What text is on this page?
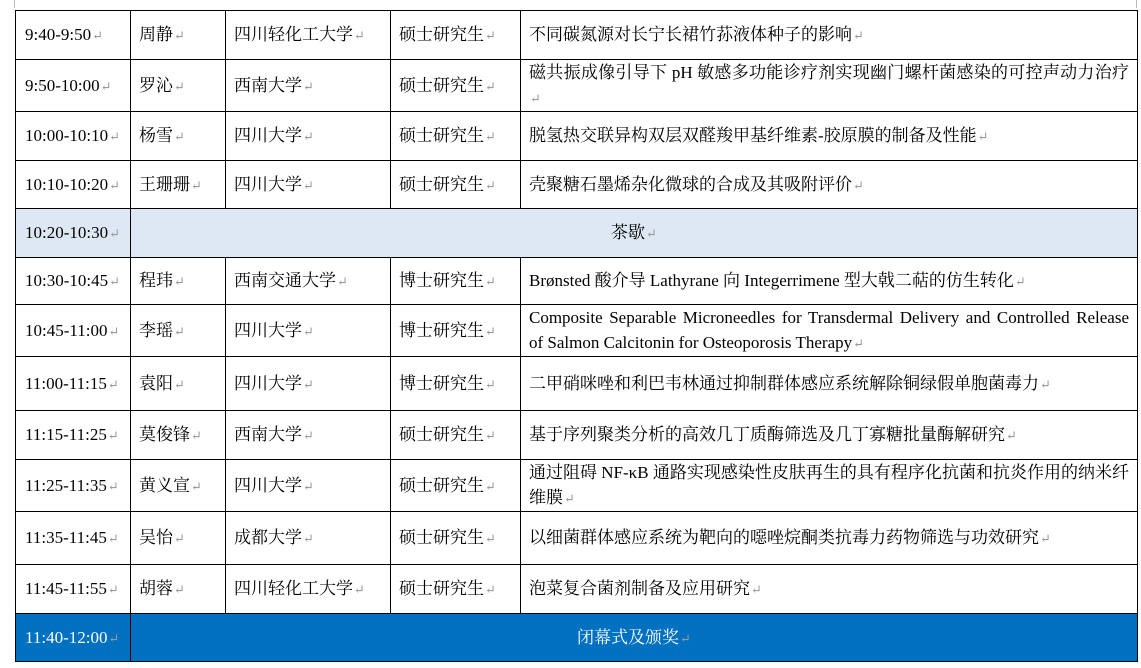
9:40-9:50 ↵	周静 ↵	四川轻化工大学 ↵	硕士研究生 ↵	不同碳氮源对长宁长裙竹荪液体种子的影响 ↵
9:50-10:00 ↵	罗沁 ↵	西南大学 ↵	硕士研究生 ↵	磁共振成像引导下 pH 敏感多功能诊疗剂实现幽门螺杆菌感染的可控声动力治疗 ↵
10:00-10:10 ↵	杨雪 ↵	四川大学 ↵	硕士研究生 ↵	脱氢热交联异构双层双醛羧甲基纤维素-胶原膜的制备及性能 ↵
10:10-10:20 ↵	王珊珊 ↵	四川大学 ↵	硕士研究生 ↵	壳聚糖石墨烯杂化微球的合成及其吸附评价 ↵
10:20-10:30 ↵	茶歇 ↵
10:30-10:45 ↵	程玮 ↵	西南交通大学 ↵	博士研究生 ↵	Brønsted 酸介导 Lathyrane 向 Integerrimene 型大戟二萜的仿生转化 ↵
10:45-11:00 ↵	李瑶 ↵	四川大学 ↵	博士研究生 ↵	Composite Separable Microneedles for Transdermal Delivery and Controlled Release of Salmon Calcitonin for Osteoporosis Therapy ↵
11:00-11:15 ↵	袁阳 ↵	四川大学 ↵	博士研究生 ↵	二甲硝咪唑和利巴韦林通过抑制群体感应系统解除铜绿假单胞菌毒力 ↵
11:15-11:25 ↵	莫俊锋 ↵	西南大学 ↵	硕士研究生 ↵	基于序列聚类分析的高效几丁质酶筛选及几丁寡糖批量酶解研究 ↵
11:25-11:35 ↵	黄义宣 ↵	四川大学 ↵	硕士研究生 ↵	通过阻碍 NF-κB 通路实现感染性皮肤再生的具有程序化抗菌和抗炎作用的纳米纤维膜 ↵
11:35-11:45 ↵	吴怡 ↵	成都大学 ↵	硕士研究生 ↵	以细菌群体感应系统为靶向的噁唑烷酮类抗毒力药物筛选与功效研究 ↵
11:45-11:55 ↵	胡蓉 ↵	四川轻化工大学 ↵	硕士研究生 ↵	泡菜复合菌剂制备及应用研究 ↵
11:40-12:00 ↵	闭幕式及颁奖 ↵
